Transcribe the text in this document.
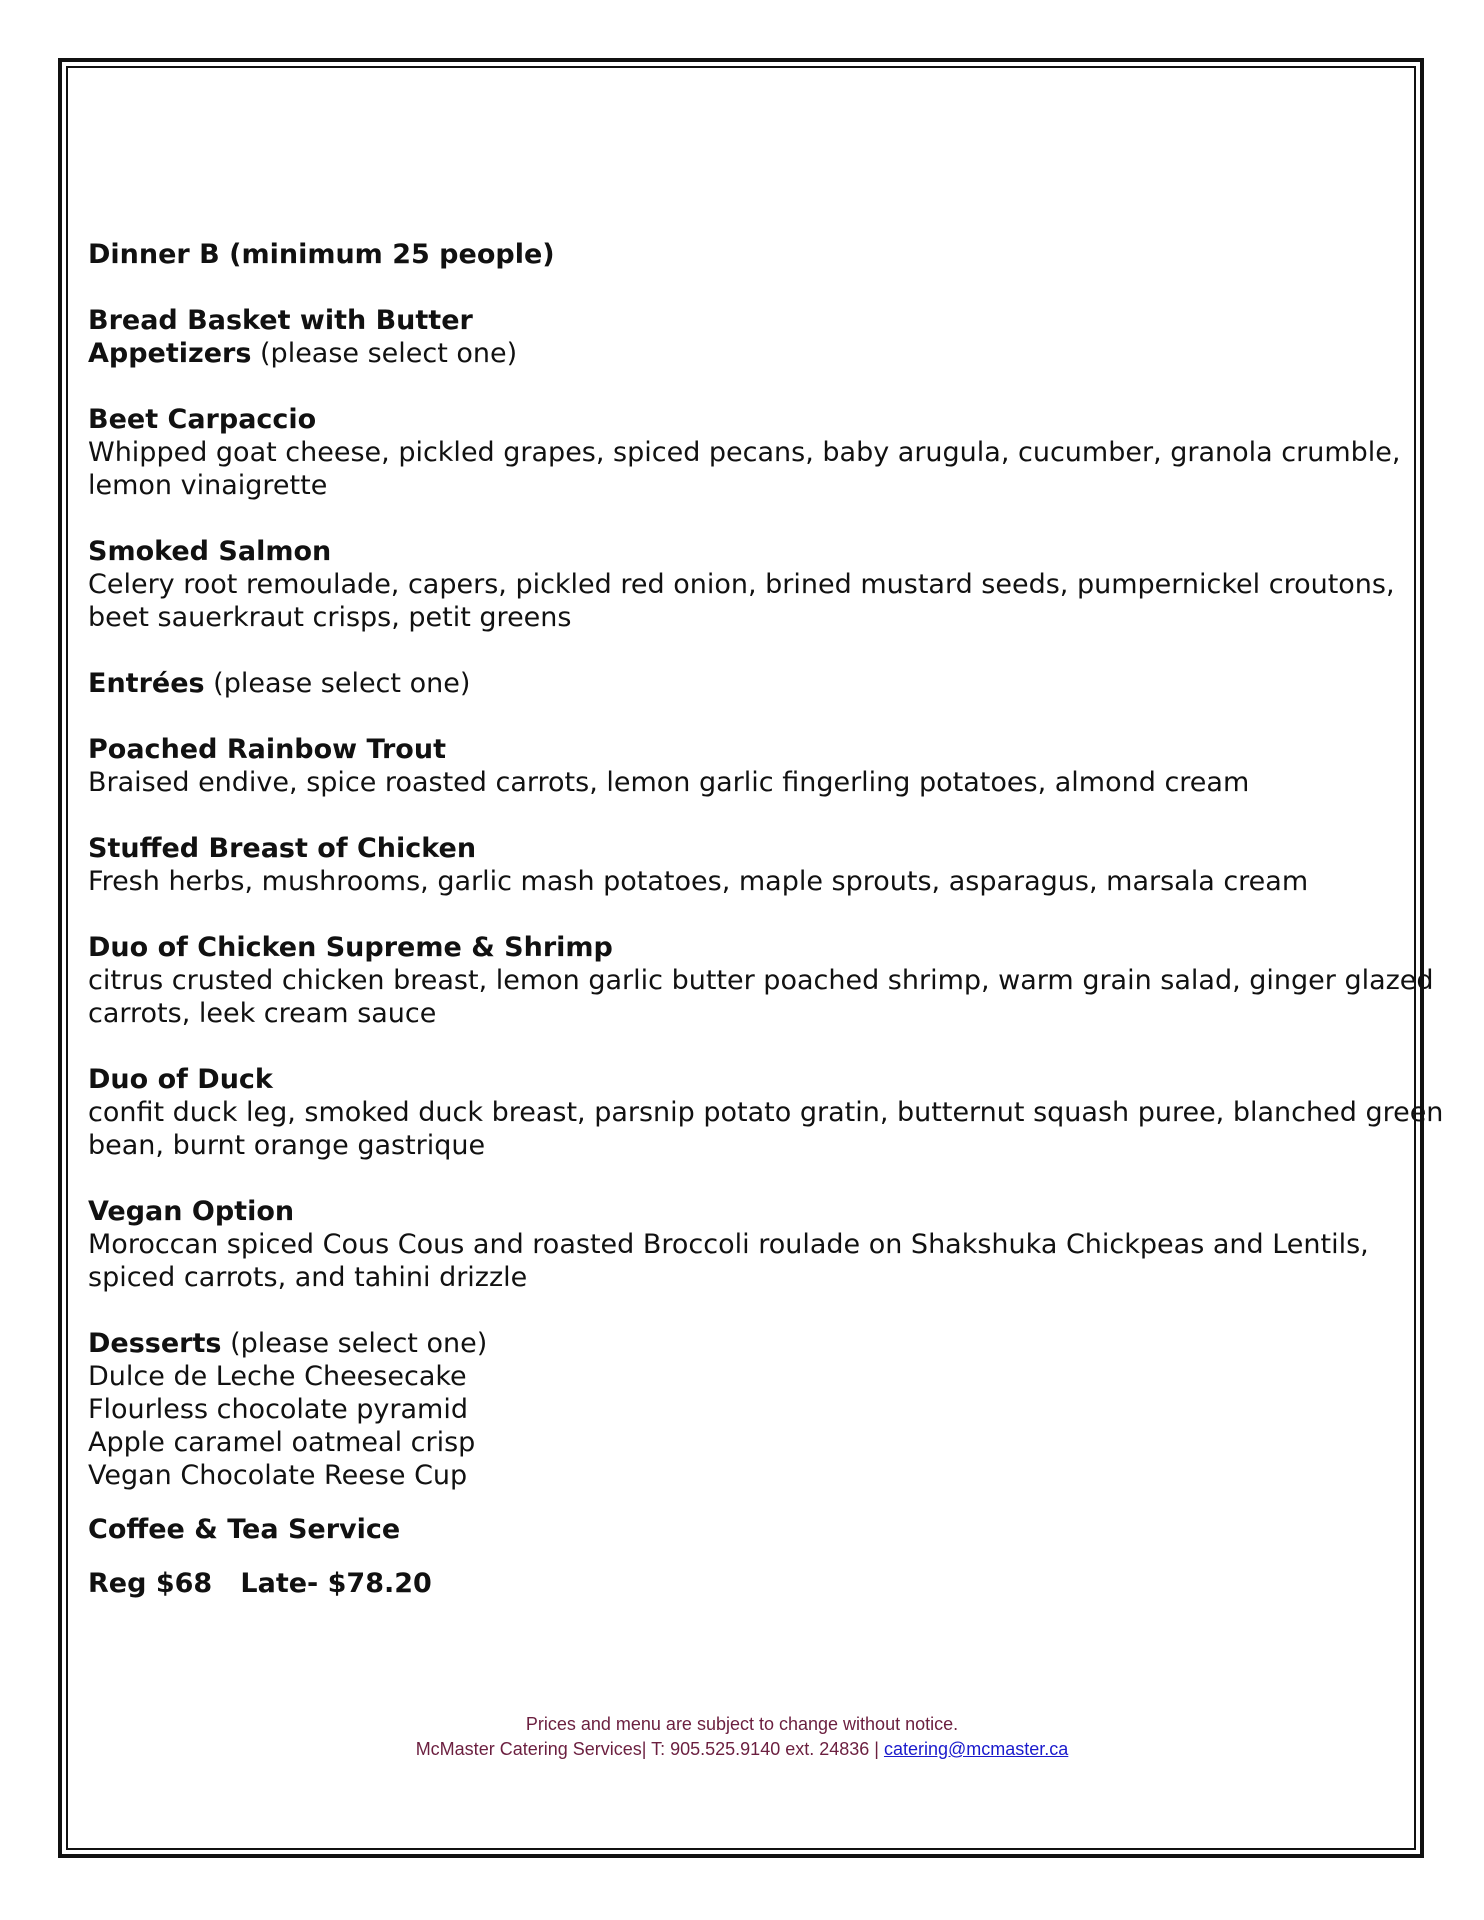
Dinner B (minimum 25 people)
Bread Basket with Butter
Appetizers (please select one)
Beet Carpaccio
Whipped goat cheese, pickled grapes, spiced pecans, baby arugula, cucumber, granola crumble,
lemon vinaigrette
Smoked Salmon
Celery root remoulade, capers, pickled red onion, brined mustard seeds, pumpernickel croutons,
beet sauerkraut crisps, petit greens
Entrées (please select one)
Poached Rainbow Trout
Braised endive, spice roasted carrots, lemon garlic fingerling potatoes, almond cream
Stuffed Breast of Chicken
Fresh herbs, mushrooms, garlic mash potatoes, maple sprouts, asparagus, marsala cream
Duo of Chicken Supreme & Shrimp
citrus crusted chicken breast, lemon garlic butter poached shrimp, warm grain salad, ginger glazed
carrots, leek cream sauce
Duo of Duck
confit duck leg, smoked duck breast, parsnip potato gratin, butternut squash puree, blanched green
bean, burnt orange gastrique
Vegan Option
Moroccan spiced Cous Cous and roasted Broccoli roulade on Shakshuka Chickpeas and Lentils,
spiced carrots, and tahini drizzle
Desserts (please select one)
Dulce de Leche Cheesecake
Flourless chocolate pyramid
Apple caramel oatmeal crisp
Vegan Chocolate Reese Cup
Coffee & Tea Service
Reg $68   Late- $78.20
Prices and menu are subject to change without notice.
McMaster Catering Services| T: 905.525.9140 ext. 24836 | catering@mcmaster.ca
